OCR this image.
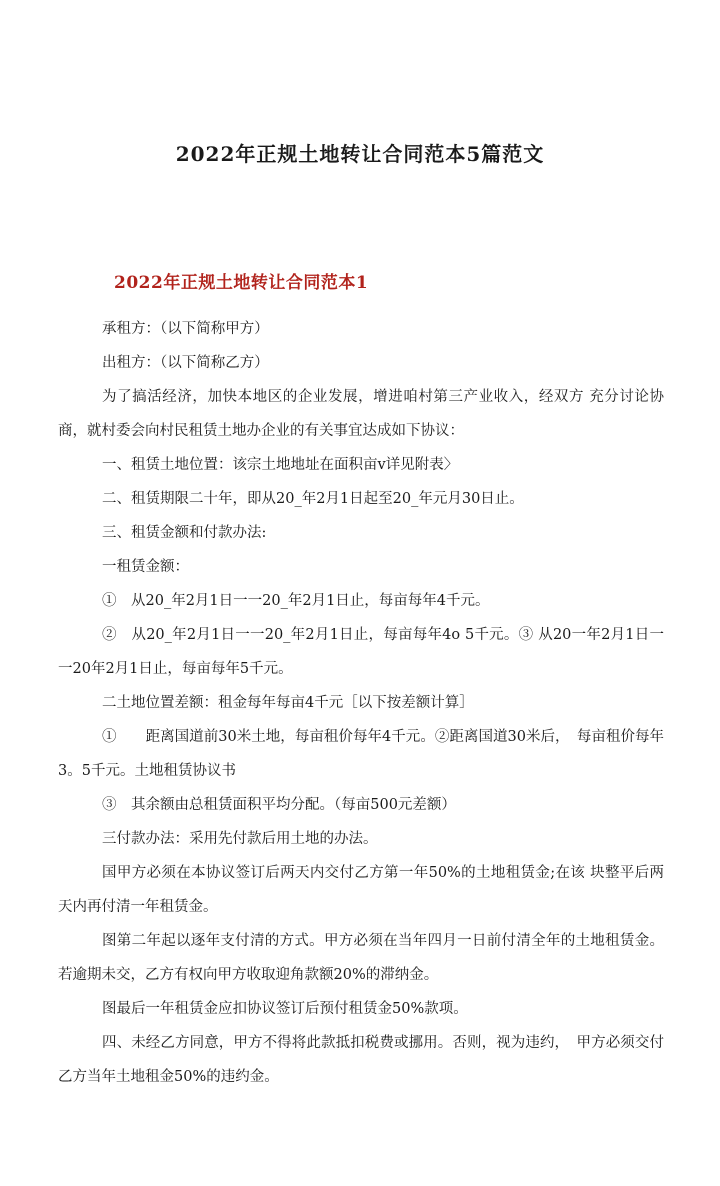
2022年正规土地转让合同范本5篇范文
2022年正规土地转让合同范本1

承租方：（以下简称甲方）

出租方：（以下简称乙方）

为了搞活经济，加快本地区的企业发展，增进咱村第三产业收入，经双方 充分讨论协商，就村委会向村民租赁土地办企业的有关事宜达成如下协议：

一、租赁土地位置：该宗土地地址在面积亩v详见附表〉

二、租赁期限二十年，即从20_年2月1日起至20_年元月30日止。

三、租赁金额和付款办法:

一租赁金额：

①　从20_年2月1日一一20_年2月1日止，每亩每年4千元。

②　从20_年2月1日一一20_年2月1日止，每亩每年4o 5千元。③ 从20一年2月1日一一20年2月1日止，每亩每年5千元。

二土地位置差额：租金每年每亩4千元［以下按差额计算］

①　　距离国道前30米土地，每亩租价每年4千元。②距离国道30米后，　每亩租价每年3。5千元。土地租赁协议书

③　其余额由总租赁面积平均分配。（每亩500元差额）

三付款办法：采用先付款后用土地的办法。

国甲方必须在本协议签订后两天内交付乙方第一年50%的土地租赁金;在该 块整平后两天内再付清一年租赁金。

图第二年起以逐年支付清的方式。甲方必须在当年四月一日前付清全年的土地租赁金。若逾期未交，乙方有权向甲方收取迎角款额20%的滞纳金。

图最后一年租赁金应扣协议签订后预付租赁金50%款项。

四、未经乙方同意，甲方不得将此款抵扣税费或挪用。否则，视为违约，　甲方必须交付乙方当年土地租金50%的违约金。
